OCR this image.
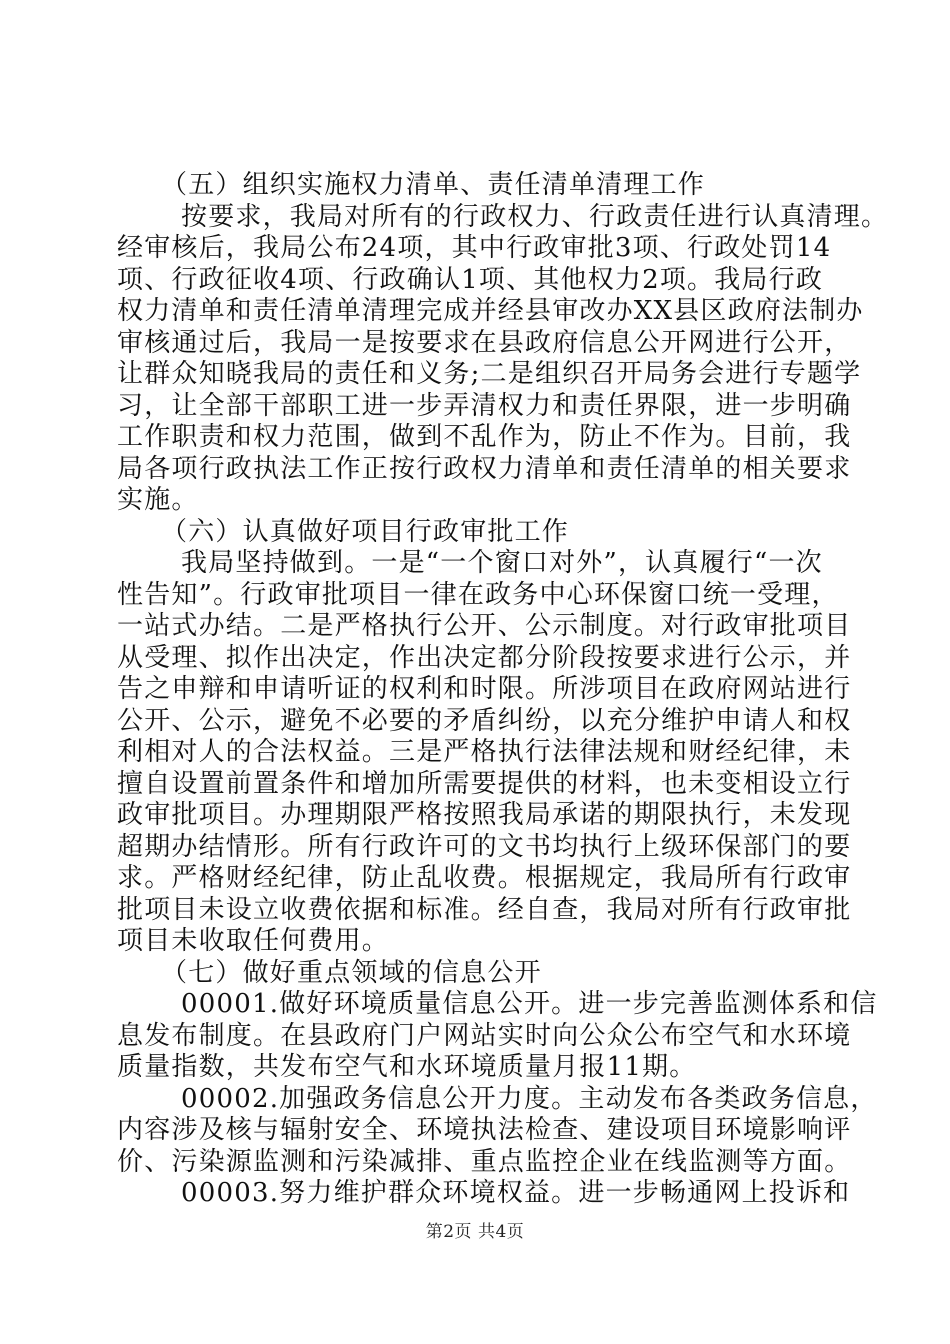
（五）组织实施权力清单、责任清单清理工作
按要求，我局对所有的行政权力、行政责任进行认真清理。
经审核后，我局公布24项，其中行政审批3项、行政处罚14
项、行政征收4项、行政确认1项、其他权力2项。我局行政
权力清单和责任清单清理完成并经县审改办XX县区政府法制办
审核通过后，我局一是按要求在县政府信息公开网进行公开，
让群众知晓我局的责任和义务;二是组织召开局务会进行专题学
习，让全部干部职工进一步弄清权力和责任界限，进一步明确
工作职责和权力范围，做到不乱作为，防止不作为。目前，我
局各项行政执法工作正按行政权力清单和责任清单的相关要求
实施。
（六）认真做好项目行政审批工作
我局坚持做到。一是“一个窗口对外”，认真履行“一次
性告知”。行政审批项目一律在政务中心环保窗口统一受理，
一站式办结。二是严格执行公开、公示制度。对行政审批项目
从受理、拟作出决定，作出决定都分阶段按要求进行公示，并
告之申辩和申请听证的权利和时限。所涉项目在政府网站进行
公开、公示，避免不必要的矛盾纠纷，以充分维护申请人和权
利相对人的合法权益。三是严格执行法律法规和财经纪律，未
擅自设置前置条件和增加所需要提供的材料，也未变相设立行
政审批项目。办理期限严格按照我局承诺的期限执行，未发现
超期办结情形。所有行政许可的文书均执行上级环保部门的要
求。严格财经纪律，防止乱收费。根据规定，我局所有行政审
批项目未设立收费依据和标准。经自查，我局对所有行政审批
项目未收取任何费用。
（七）做好重点领域的信息公开
00001.做好环境质量信息公开。进一步完善监测体系和信
息发布制度。在县政府门户网站实时向公众公布空气和水环境
质量指数，共发布空气和水环境质量月报11期。
00002.加强政务信息公开力度。主动发布各类政务信息，
内容涉及核与辐射安全、环境执法检查、建设项目环境影响评
价、污染源监测和污染减排、重点监控企业在线监测等方面。
00003.努力维护群众环境权益。进一步畅通网上投诉和
第2页 共4页
